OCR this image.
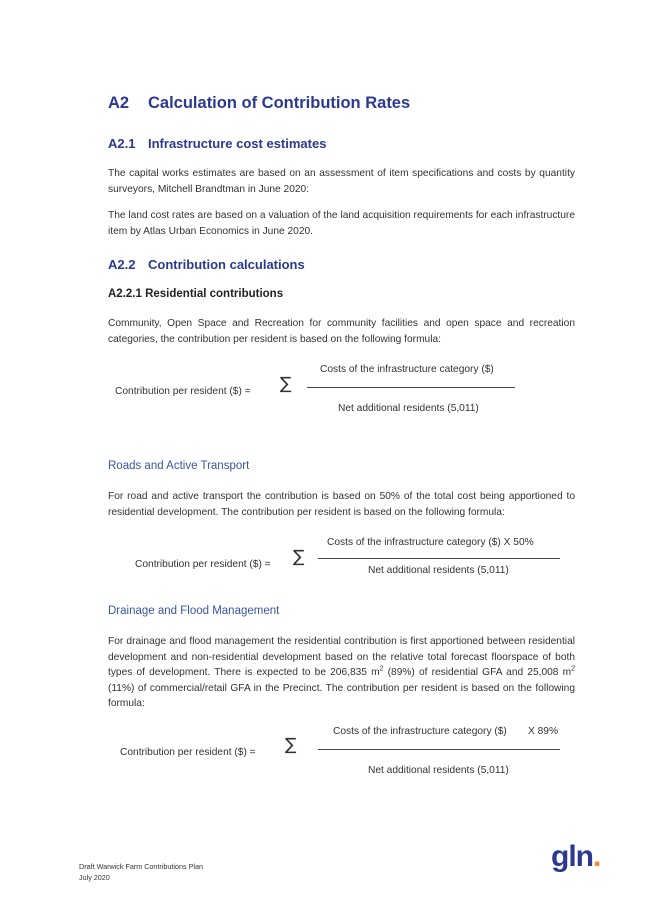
A2 Calculation of Contribution Rates
A2.1 Infrastructure cost estimates
The capital works estimates are based on an assessment of item specifications and costs by quantity surveyors, Mitchell Brandtman in June 2020:
The land cost rates are based on a valuation of the land acquisition requirements for each infrastructure item by Atlas Urban Economics in June 2020.
A2.2 Contribution calculations
A2.2.1 Residential contributions
Community, Open Space and Recreation for community facilities and open space and recreation categories, the contribution per resident is based on the following formula:
Contribution per resident ($) = ∑
Costs of the infrastructure category ($)
Net additional residents (5,011)
Roads and Active Transport
For road and active transport the contribution is based on 50% of the total cost being apportioned to residential development. The contribution per resident is based on the following formula:
Contribution per resident ($) = ∑
Costs of the infrastructure category ($) X 50%
Net additional residents (5,011)
Drainage and Flood Management
For drainage and flood management the residential contribution is first apportioned between residential development and non-residential development based on the relative total forecast floorspace of both types of development. There is expected to be 206,835 $m^2$ (89%) of residential GFA and 25,008 $m^2$ (11%) of commercial/retail GFA in the Precinct. The contribution per resident is based on the following formula:
Contribution per resident ($) = ∑
Costs of the infrastructure category ($) X 89%
Net additional residents (5,011)
Draft Warwick Farm Contributions Plan
July 2020
gln.
